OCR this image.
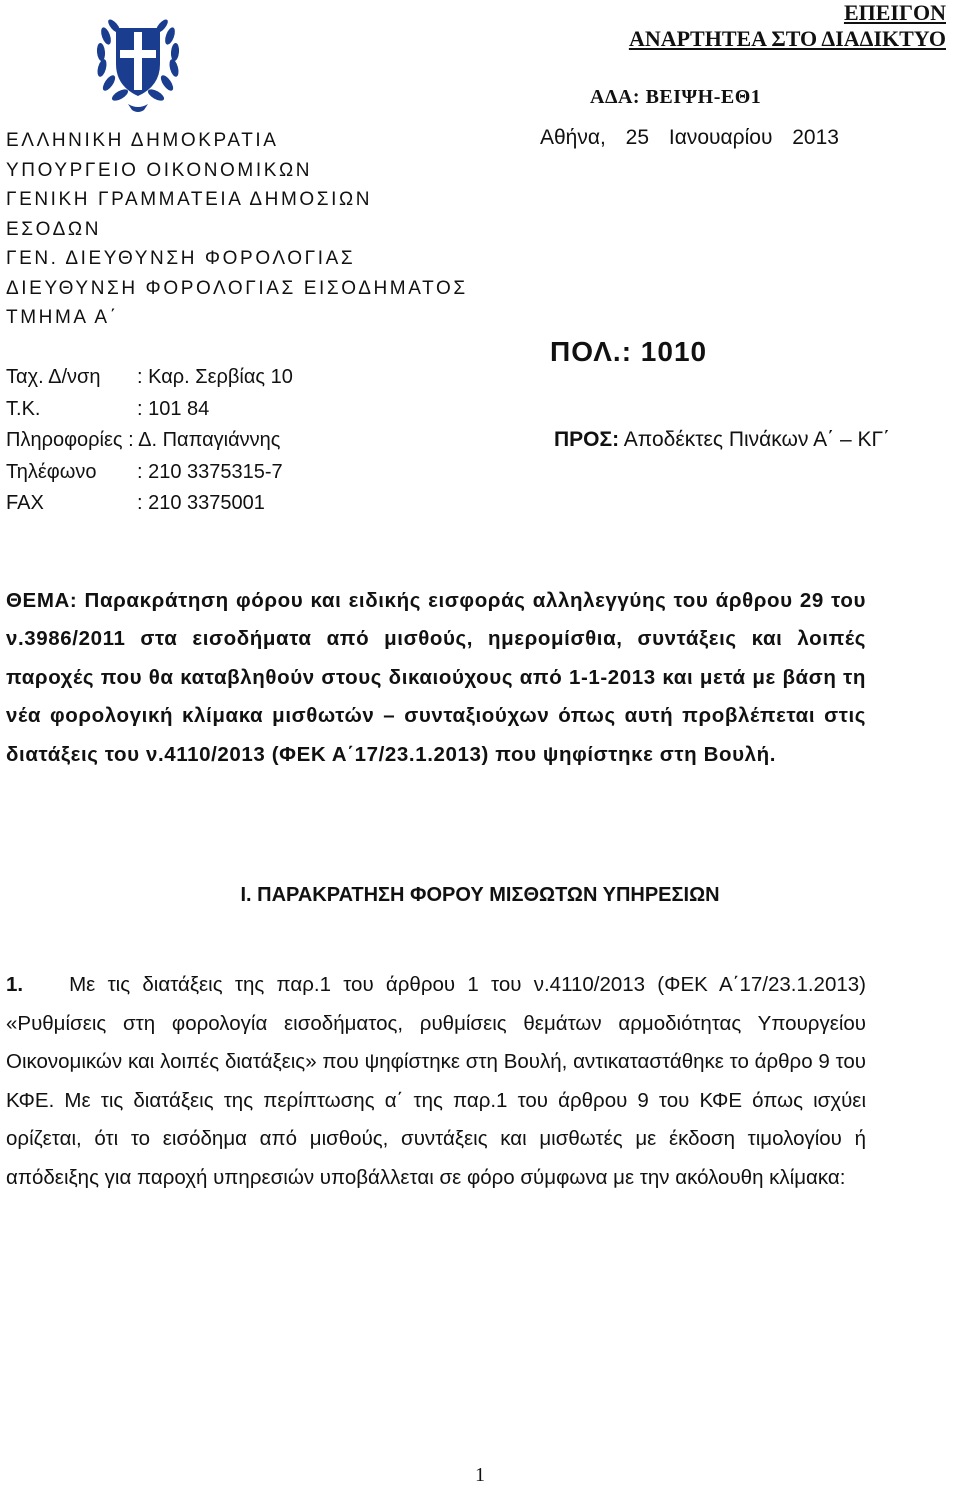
ΕΠΕΙΓΟΝ
ΑΝΑΡΤΗΤΕΑ ΣΤΟ ΔΙΑΔΙΚΤΥΟ
ΑΔΑ: ΒΕΙΨΗ-ΕΘ1
Αθήνα, 25 Ιανουαρίου 2013
ΕΛΛΗΝΙΚΗ ΔΗΜΟΚΡΑΤΙΑ
ΥΠΟΥΡΓΕΙΟ ΟΙΚΟΝΟΜΙΚΩΝ
ΓΕΝΙΚΗ ΓΡΑΜΜΑΤΕΙΑ ΔΗΜΟΣΙΩΝ
ΕΣΟΔΩΝ
ΓΕΝ. ΔΙΕΥΘΥΝΣΗ ΦΟΡΟΛΟΓΙΑΣ
ΔΙΕΥΘΥΝΣΗ ΦΟΡΟΛΟΓΙΑΣ ΕΙΣΟΔΗΜΑΤΟΣ
ΤΜΗΜΑ Α΄
Ταχ. Δ/νση : Καρ. Σερβίας 10
Τ.Κ.	: 101 84
Πληροφορίες : Δ. Παπαγιάννης
Τηλέφωνο : 210 3375315-7
FAX	: 210 3375001
ΠΟΛ.: 1010
ΠΡΟΣ: Αποδέκτες Πινάκων Α΄ – ΚΓ΄
ΘΕΜΑ: Παρακράτηση φόρου και ειδικής εισφοράς αλληλεγγύης του άρθρου 29 του ν.3986/2011 στα εισοδήματα από μισθούς, ημερομίσθια, συντάξεις και λοιπές παροχές που θα καταβληθούν στους δικαιούχους από 1-1-2013 και μετά με βάση τη νέα φορολογική κλίμακα μισθωτών – συνταξιούχων όπως αυτή προβλέπεται στις διατάξεις του ν.4110/2013 (ΦΕΚ Α΄17/23.1.2013) που ψηφίστηκε στη Βουλή.
Ι. ΠΑΡΑΚΡΑΤΗΣΗ ΦΟΡΟΥ ΜΙΣΘΩΤΩΝ ΥΠΗΡΕΣΙΩΝ
1. Με τις διατάξεις της παρ.1 του άρθρου 1 του ν.4110/2013 (ΦΕΚ Α΄17/23.1.2013) «Ρυθμίσεις στη φορολογία εισοδήματος, ρυθμίσεις θεμάτων αρμοδιότητας Υπουργείου Οικονομικών και λοιπές διατάξεις» που ψηφίστηκε στη Βουλή, αντικαταστάθηκε το άρθρο 9 του ΚΦΕ. Με τις διατάξεις της περίπτωσης α΄ της παρ.1 του άρθρου 9 του ΚΦΕ όπως ισχύει ορίζεται, ότι το εισόδημα από μισθούς, συντάξεις και μισθωτές με έκδοση τιμολογίου ή απόδειξης για παροχή υπηρεσιών υποβάλλεται σε φόρο σύμφωνα με την ακόλουθη κλίμακα:
1
